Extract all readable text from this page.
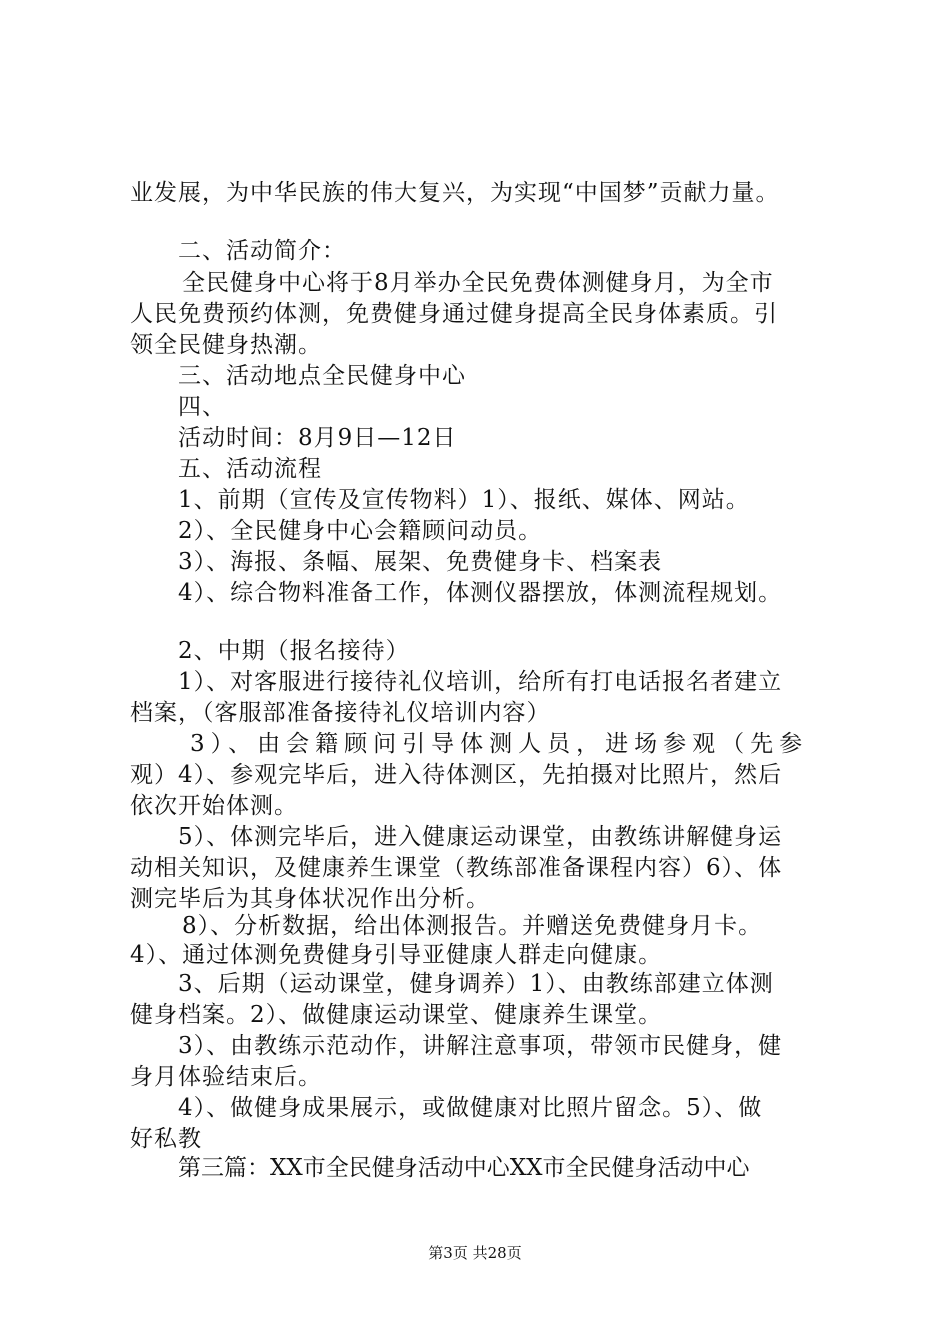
业发展，为中华民族的伟大复兴，为实现“中国梦”贡献力量。
二、活动简介：
全民健身中心将于8月举办全民免费体测健身月，为全市
人民免费预约体测，免费健身通过健身提高全民身体素质。引
领全民健身热潮。
三、活动地点全民健身中心
四、
活动时间：8月9日—12日
五、活动流程
1、前期（宣传及宣传物料）1）、报纸、媒体、网站。
2）、全民健身中心会籍顾问动员。
3）、海报、条幅、展架、免费健身卡、档案表
4）、综合物料准备工作，体测仪器摆放，体测流程规划。
2、中期（报名接待）
1）、对客服进行接待礼仪培训，给所有打电话报名者建立
档案，（客服部准备接待礼仪培训内容）
3）、由会籍顾问引导体测人员，进场参观（先参
观）4）、参观完毕后，进入待体测区，先拍摄对比照片，然后
依次开始体测。
5）、体测完毕后，进入健康运动课堂，由教练讲解健身运
动相关知识，及健康养生课堂（教练部准备课程内容）6）、体
测完毕后为其身体状况作出分析。
8）、分析数据，给出体测报告。并赠送免费健身月卡。
4）、通过体测免费健身引导亚健康人群走向健康。
3、后期（运动课堂，健身调养）1）、由教练部建立体测
健身档案。2）、做健康运动课堂、健康养生课堂。
3）、由教练示范动作，讲解注意事项，带领市民健身，健
身月体验结束后。
4）、做健身成果展示，或做健康对比照片留念。5）、做
好私教
第三篇：XX市全民健身活动中心XX市全民健身活动中心
第3页 共28页
